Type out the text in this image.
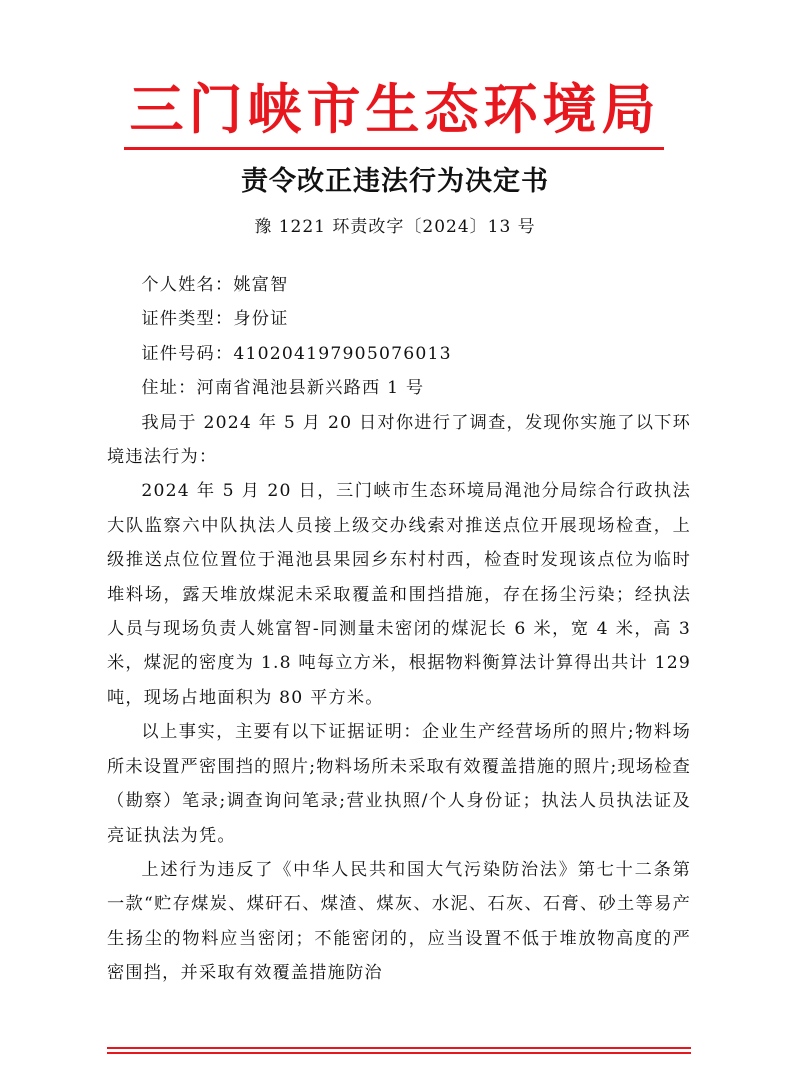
三门峡市生态环境局
责令改正违法行为决定书
豫 1221 环责改字〔2024〕13 号

个人姓名：姚富智

证件类型：身份证

证件号码：410204197905076013

住址：河南省渑池县新兴路西 1 号

我局于 2024 年 5 月 20 日对你进行了调查，发现你实施了以下环境违法行为：

2024 年 5 月 20 日，三门峡市生态环境局渑池分局综合行政执法大队监察六中队执法人员接上级交办线索对推送点位开展现场检查，上级推送点位位置位于渑池县果园乡东村村西，检查时发现该点位为临时堆料场，露天堆放煤泥未采取覆盖和围挡措施，存在扬尘污染；经执法人员与现场负责人姚富智-同测量未密闭的煤泥长 6 米，宽 4 米，高 3 米，煤泥的密度为 1.8 吨每立方米，根据物料衡算法计算得出共计 129 吨，现场占地面积为 80 平方米。

以上事实，主要有以下证据证明：企业生产经营场所的照片;物料场所未设置严密围挡的照片;物料场所未采取有效覆盖措施的照片;现场检查（勘察）笔录;调查询问笔录;营业执照/个人身份证；执法人员执法证及亮证执法为凭。

上述行为违反了《中华人民共和国大气污染防治法》第七十二条第一款“贮存煤炭、煤矸石、煤渣、煤灰、水泥、石灰、石膏、砂土等易产生扬尘的物料应当密闭；不能密闭的，应当设置不低于堆放物高度的严密围挡，并采取有效覆盖措施防治
